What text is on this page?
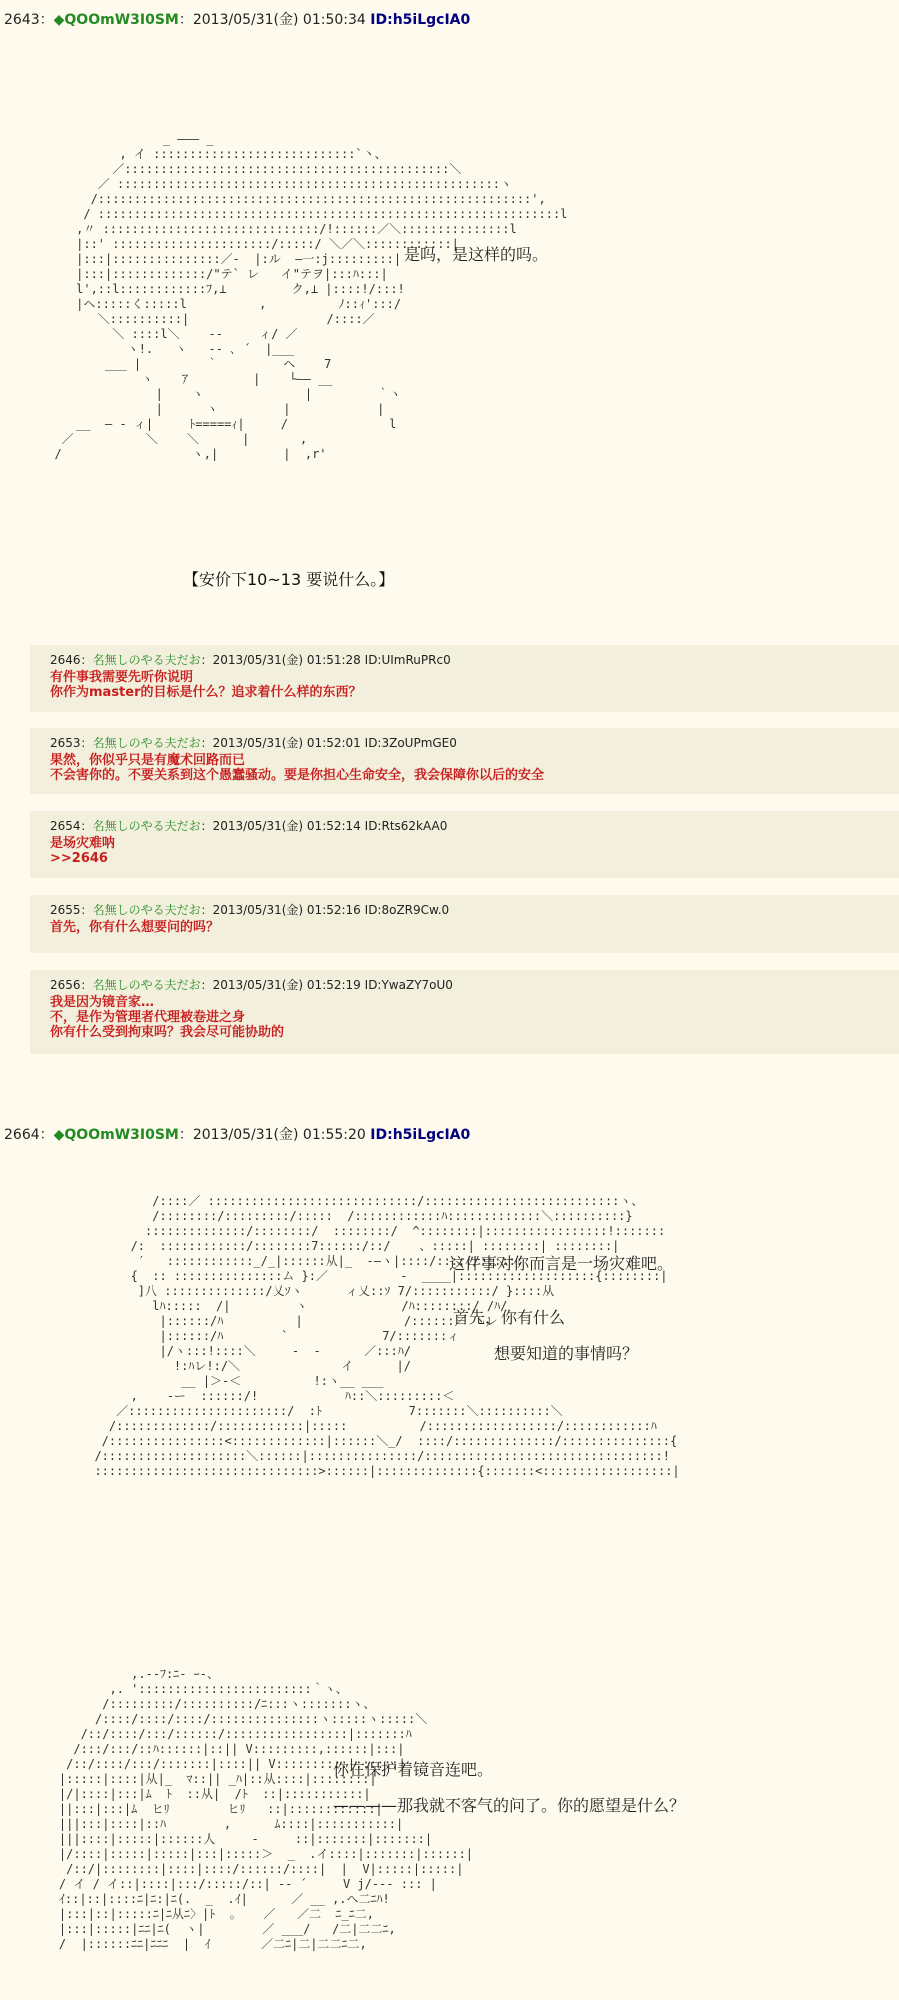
2643：◆QOOmW3I0SM：2013/05/31(金) 01:50:34 ID:h5iLgcIA0
_ ――― _
, イ ::::::::::::::::::::::::::::`丶、
／:::::::::::::::::::::::::::::::::::::::::::::＼
／ :::::::::::::::::::::::::::::::::::::::::::::::::::::ヽ
/::::::::::::::::::::::::::::::::::::::::::::::::::::::::::::',
/ ::::::::::::::::::::::::::::::::::::::::::::::::::::::::::::::::l
,〃 ::::::::::::::::::::::::::::::/!::::::／＼:::::::::::::::l
|::' ::::::::::::::::::::::/:::::/ ＼／＼::::::::::::|
|:::|:::::::::::::::／‐  |:ル  ―一:j:::::::::|
|:::|:::::::::::::/"テ` レ   イ"テヲ|:::ﾊ:::|
l',::l::::::::::::ﾌ,⊥         ク,⊥ |::::!/:::!
|ヘ:::::く:::::l          ,          ﾉ::ｨ':::/
＼::::::::::|                   /::::／
＼ ::::l＼    ‐‐     ィ/ ／
ヽ!.   ヽ   -- ､ ´  |___
___ |         ｀         ヘ    7
ヽ    ｱ         |    └―― __
|    ヽ              |         ｀ヽ
|      ヽ         |            |
__  ― - ィ|     ﾄ=====ｨ|     /              l
／          ＼    ＼      |       ,
/                  ヽ,|         |  ,r'

是吗，是这样的吗。
【安价下10~13 要说什么。】
2646：名無しのやる夫だお：2013/05/31(金) 01:51:28 ID:UImRuPRc0
有件事我需要先听你说明
你作为master的目标是什么？追求着什么样的东西？
2653：名無しのやる夫だお：2013/05/31(金) 01:52:01 ID:3ZoUPmGE0
果然，你似乎只是有魔术回路而已
不会害你的。不要关系到这个愚蠢骚动。要是你担心生命安全，我会保障你以后的安全
2654：名無しのやる夫だお：2013/05/31(金) 01:52:14 ID:Rts62kAA0
是场灾难呐
>>2646
2655：名無しのやる夫だお：2013/05/31(金) 01:52:16 ID:8oZR9Cw.0
首先，你有什么想要问的吗？
2656：名無しのやる夫だお：2013/05/31(金) 01:52:19 ID:YwaZY7oU0
我是因为镜音家…
不，是作为管理者代理被卷进之身
你有什么受到拘束吗？我会尽可能协助的
2664：◆QOOmW3I0SM：2013/05/31(金) 01:55:20 ID:h5iLgcIA0
/::::／ :::::::::::::::::::::::::::::/:::::::::::::::::::::::::::ヽ、
/::::::::/:::::::::/:::::  /::::::::::::ﾊ:::::::::::::＼::::::::::}
::::::::::::::/::::::::/  ::::::::/  ^::::::::|:::::::::::::::::!:::::::
/:  ::::::::::::/::::::::7::::::/::/    、:::::| ::::::::| ::::::::|
′   ::::::::::::_/_|::::::从|_  ‐―ヽ|::::/:::::/::::::
{  :: :::::::::::::::ム }:／          ‐  ____|:::::::::::::::::::{::::::::|
]八 ::::::::::::::/乂ｿヽ      ィ乂::ｿ 7/:::::::::::/ }::::从
lﾊ:::::  /|         ヽ             /ﾊ::::::::/ /ﾊ/
|::::::/ﾊ          |              /::::::／ 丶レ
|::::::/ﾊ        `             7/:::::::ィ
|/ヽ:::!::::＼     -  -      ／:::ﾊ/
!:ﾊレ!:/＼              イ      |/
__ |＞‐＜          !:ヽ__ ___
,    ‐ー  ::::::/!            ﾊ::＼:::::::::＜
／::::::::::::::::::::::/  :ﾄ            7:::::::＼::::::::::＼
/:::::::::::::/::::::::::::|:::::          /::::::::::::::::::/::::::::::::ﾊ
/::::::::::::::::<:::::::::::::|::::::＼_/  ::::/::::::::::::::/:::::::::::::::{
/::::::::::::::::::::＼::::::|:::::::::::::::/:::::::::::::::::::::::::::::::::!
:::::::::::::::::::::::::::::::>::::::|::::::::::::::{:::::::<::::::::::::::::::|

这件事对你而言是一场灾难吧。
首先，你有什么
想要知道的事情吗？
,.-‐ﾌ:ﾆ‐ ｰ-、
,. '::::::::::::::::::::::::｀ヽ、
/:::::::::/::::::::::/ﾆ:::ヽ:::::::ヽ、
/::::/::::/::::/:::::::::::::::ヽ:::::ヽ:::::＼
/::/::::/:::/::::::/:::::::::::::::::|:::::::ﾊ
/:::/:::/::ﾊ::::::|::|| V:::::::::,::::::|:::|
/::/::::/:::/:::::::|::::|| V::::::::::|::::::|
|:::::|::::|从|_  ﾏ::|| _ﾊ|::从::::|::::::::|
|/|::::|:::|ﾑ  ﾄ  ::从|  /ﾄ  ::|:::::::::::|
||:::|:::|ﾑ  ヒﾘ        ヒﾘ   ::|::::::::::::|
|||:::|::::|::ﾊ        ,      ﾑ::::|:::::::::::|
|||::::|:::::|::::::人     -     ::|:::::::|:::::::|
|/::::|:::::|:::::|:::|:::::＞  _  .イ::::|:::::::|::::::|
/::/|::::::::|::::|::::/::::::/::::|  |  V|:::::|:::::|
/ イ / イ::|::::|:::/:::::/::| -‐ ´     V j/‐‐- ::: |
ｲ::|::|::::ﾆ|ﾆ:|ﾆ(.  _  .ｲ|      ／ __ ,.へ二ﾆﾊ!
|:::|::|:::::ﾆ|ﾆ从ﾆ〉|ﾄ  。   ／   ／二  ﾆ_ﾆ二,
|:::|:::::|ﾆﾆ|ﾆ(  ヽ|        ／ ___/   /二|二二ﾆ,
/  |::::::ﾆﾆ|ﾆﾆﾆ  |  ｲ       ／二ﾆ|二|二二ﾆ二,

你在保护着镜音连吧。
————那我就不客气的问了。你的愿望是什么？
